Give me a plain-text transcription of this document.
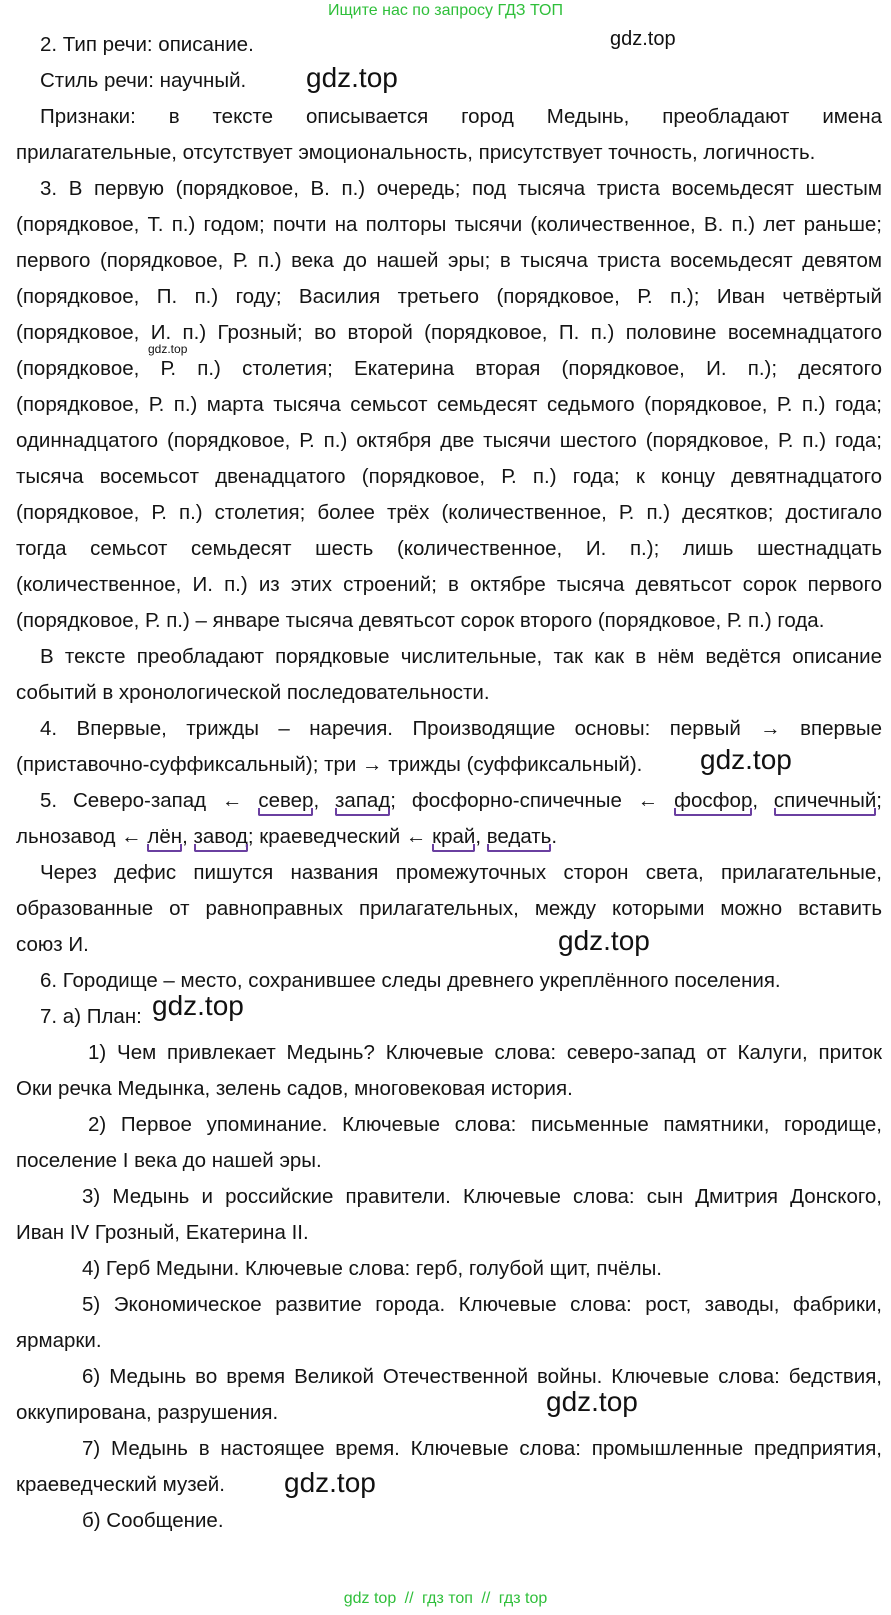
Ищите нас по запросу ГДЗ ТОП
2. Тип речи: описание.
Стиль речи: научный.
Признаки: в тексте описывается город Медынь, преобладают имена
прилагательные, отсутствует эмоциональность, присутствует точность, логичность.
3. В первую (порядковое, В. п.) очередь; под тысяча триста восемьдесят шестым
(порядковое, Т. п.) годом; почти на полторы тысячи (количественное, В. п.) лет раньше;
первого (порядковое, Р. п.) века до нашей эры; в тысяча триста восемьдесят девятом
(порядковое, П. п.) году; Василия третьего (порядковое, Р. п.); Иван четвёртый
(порядковое, И. п.) Грозный; во второй (порядковое, П. п.) половине восемнадцатого
(порядковое, Р. п.) столетия; Екатерина вторая (порядковое, И. п.); десятого
(порядковое, Р. п.) марта тысяча семьсот семьдесят седьмого (порядковое, Р. п.) года;
одиннадцатого (порядковое, Р. п.) октября две тысячи шестого (порядковое, Р. п.) года;
тысяча восемьсот двенадцатого (порядковое, Р. п.) года; к концу девятнадцатого
(порядковое, Р. п.) столетия; более трёх (количественное, Р. п.) десятков; достигало
тогда семьсот семьдесят шесть (количественное, И. п.); лишь шестнадцать
(количественное, И. п.) из этих строений; в октябре тысяча девятьсот сорок первого
(порядковое, Р. п.) – январе тысяча девятьсот сорок второго (порядковое, Р. п.) года.
В тексте преобладают порядковые числительные, так как в нём ведётся описание
событий в хронологической последовательности.
4. Впервые, трижды – наречия. Производящие основы: первый → впервые
(приставочно-суффиксальный); три → трижды (суффиксальный).
5. Северо-запад ← север, запад; фосфорно-спичечные ← фосфор, спичечный;
льнозавод ← лён, завод; краеведческий ← край, ведать.
Через дефис пишутся названия промежуточных сторон света, прилагательные,
образованные от равноправных прилагательных, между которыми можно вставить
союз И.
6. Городище – место, сохранившее следы древнего укреплённого поселения.
7. а) План:
1) Чем привлекает Медынь? Ключевые слова: северо-запад от Калуги, приток
Оки речка Медынка, зелень садов, многовековая история.
2) Первое упоминание. Ключевые слова: письменные памятники, городище,
поселение I века до нашей эры.
3) Медынь и российские правители. Ключевые слова: сын Дмитрия Донского,
Иван IV Грозный, Екатерина II.
4) Герб Медыни. Ключевые слова: герб, голубой щит, пчёлы.
5) Экономическое развитие города. Ключевые слова: рост, заводы, фабрики,
ярмарки.
6) Медынь во время Великой Отечественной войны. Ключевые слова: бедствия,
оккупирована, разрушения.
7) Медынь в настоящее время. Ключевые слова: промышленные предприятия,
краеведческий музей.
б) Сообщение.
gdz.top
gdz.top
gdz.top
gdz.top
gdz.top
gdz.top
gdz.top
gdz.top
gdz top // гдз топ // гдз top
